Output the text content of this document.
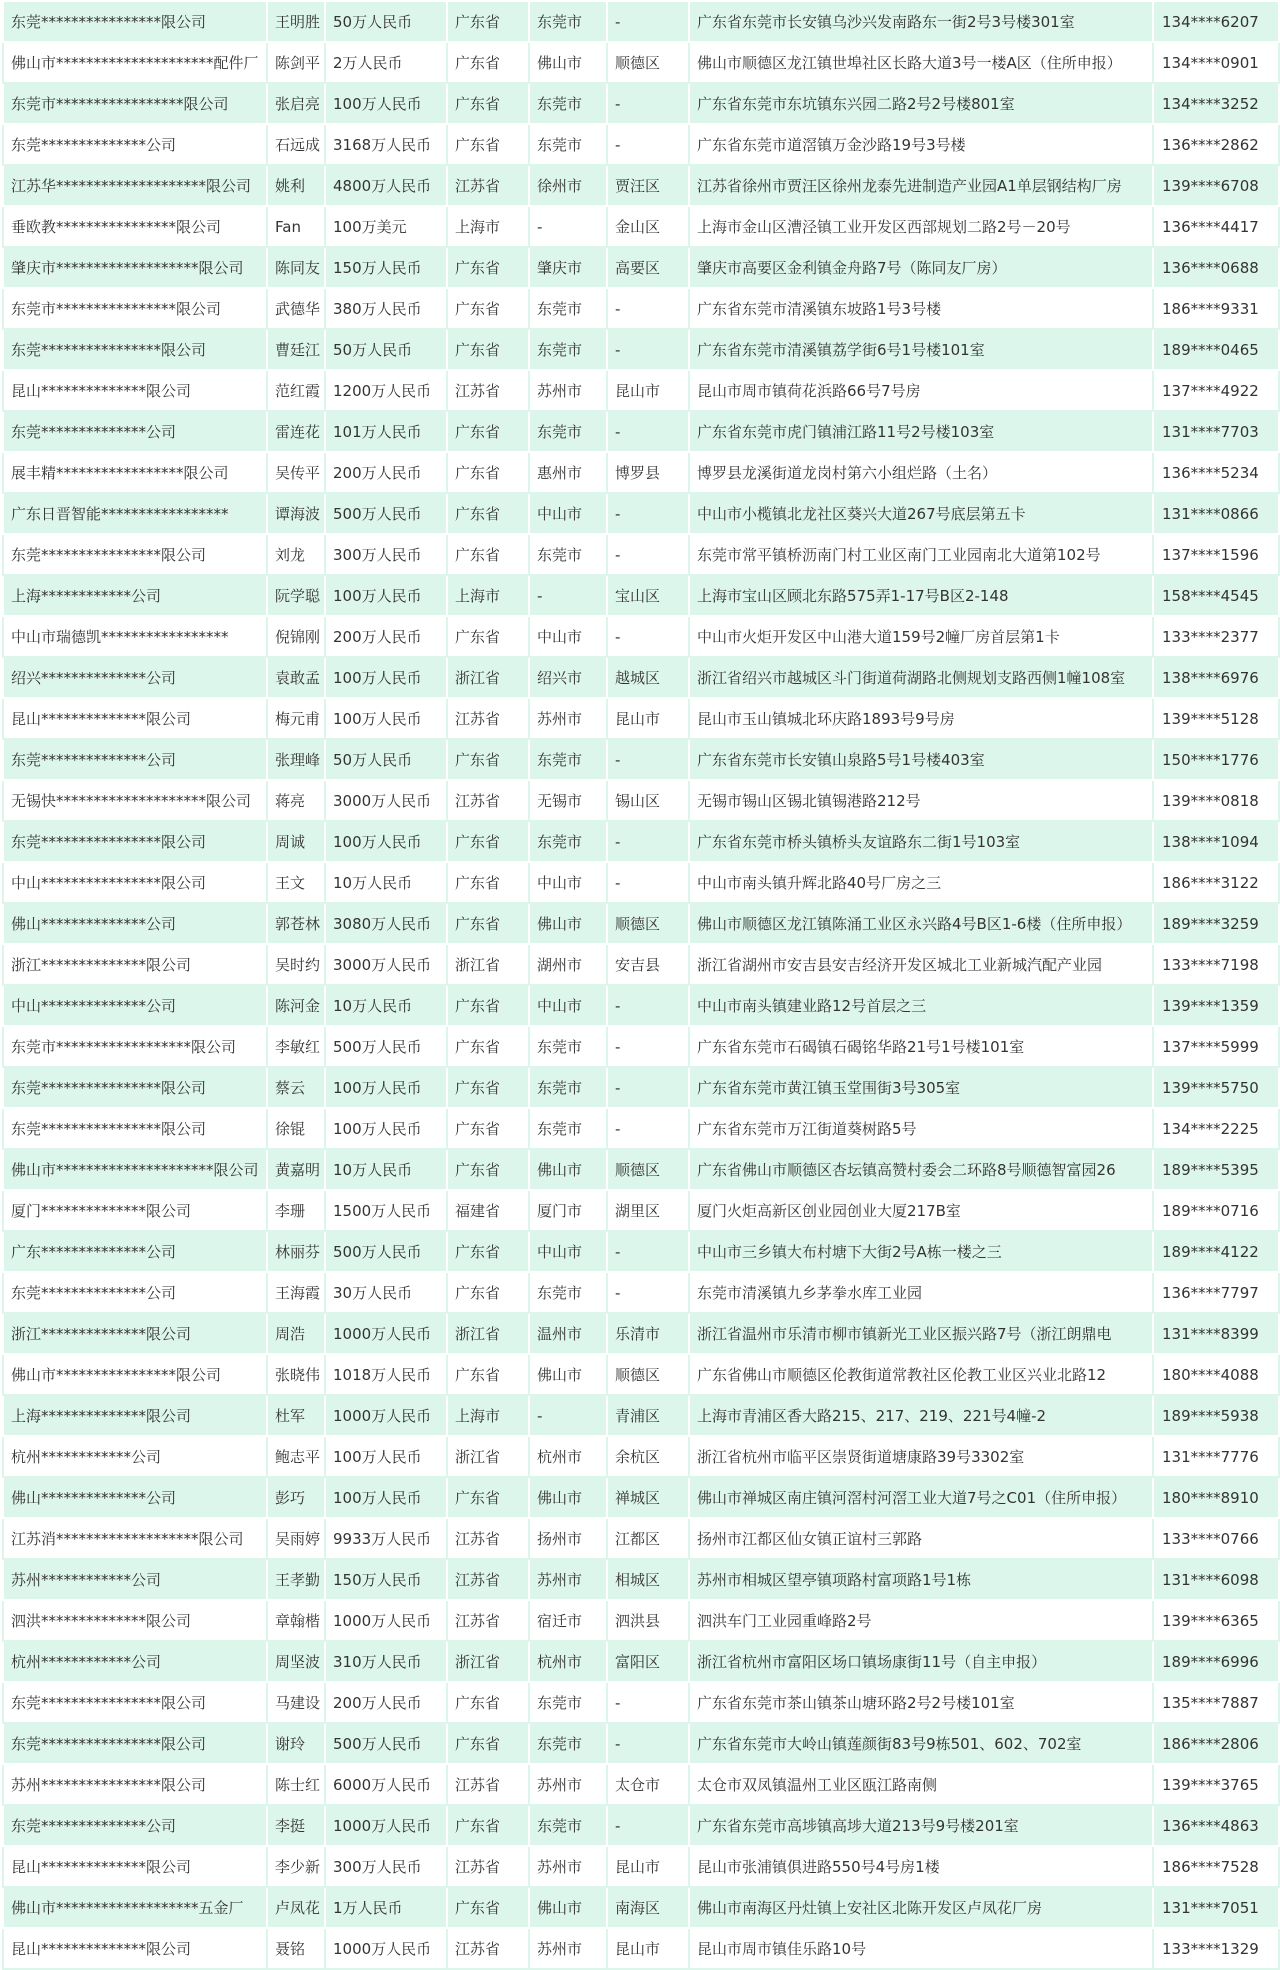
东莞****************限公司	王明胜	50万人民币	广东省	东莞市	-	广东省东莞市长安镇乌沙兴发南路东一街2号3号楼301室	134****6207
佛山市*********************配件厂	陈剑平	2万人民币	广东省	佛山市	顺德区	佛山市顺德区龙江镇世埠社区长路大道3号一楼A区（住所申报）	134****0901
东莞市*****************限公司	张启亮	100万人民币	广东省	东莞市	-	广东省东莞市东坑镇东兴园二路2号2号楼801室	134****3252
东莞**************公司	石远成	3168万人民币	广东省	东莞市	-	广东省东莞市道滘镇万金沙路19号3号楼	136****2862
江苏华********************限公司	姚利	4800万人民币	江苏省	徐州市	贾汪区	江苏省徐州市贾汪区徐州龙泰先进制造产业园A1单层钢结构厂房	139****6708
垂欧教****************限公司	Fan	100万美元	上海市	-	金山区	上海市金山区漕泾镇工业开发区西部规划二路2号－20号	136****4417
肇庆市*******************限公司	陈同友	150万人民币	广东省	肇庆市	高要区	肇庆市高要区金利镇金舟路7号（陈同友厂房）	136****0688
东莞市****************限公司	武德华	380万人民币	广东省	东莞市	-	广东省东莞市清溪镇东坡路1号3号楼	186****9331
东莞****************限公司	曹廷江	50万人民币	广东省	东莞市	-	广东省东莞市清溪镇荔学街6号1号楼101室	189****0465
昆山**************限公司	范红霞	1200万人民币	江苏省	苏州市	昆山市	昆山市周市镇荷花浜路66号7号房	137****4922
东莞**************公司	雷连花	101万人民币	广东省	东莞市	-	广东省东莞市虎门镇浦江路11号2号楼103室	131****7703
展丰精*****************限公司	吴传平	200万人民币	广东省	惠州市	博罗县	博罗县龙溪街道龙岗村第六小组烂路（土名）	136****5234
广东日晋智能*****************	谭海波	500万人民币	广东省	中山市	-	中山市小榄镇北龙社区葵兴大道267号底层第五卡	131****0866
东莞****************限公司	刘龙	300万人民币	广东省	东莞市	-	东莞市常平镇桥沥南门村工业区南门工业园南北大道第102号	137****1596
上海************公司	阮学聪	100万人民币	上海市	-	宝山区	上海市宝山区顾北东路575弄1-17号B区2-148	158****4545
中山市瑞德凯*****************	倪锦刚	200万人民币	广东省	中山市	-	中山市火炬开发区中山港大道159号2幢厂房首层第1卡	133****2377
绍兴**************公司	袁敢孟	100万人民币	浙江省	绍兴市	越城区	浙江省绍兴市越城区斗门街道荷湖路北侧规划支路西侧1幢108室	138****6976
昆山**************限公司	梅元甫	100万人民币	江苏省	苏州市	昆山市	昆山市玉山镇城北环庆路1893号9号房	139****5128
东莞**************公司	张理峰	50万人民币	广东省	东莞市	-	广东省东莞市长安镇山泉路5号1号楼403室	150****1776
无锡快********************限公司	蒋亮	3000万人民币	江苏省	无锡市	锡山区	无锡市锡山区锡北镇锡港路212号	139****0818
东莞****************限公司	周诚	100万人民币	广东省	东莞市	-	广东省东莞市桥头镇桥头友谊路东二街1号103室	138****1094
中山****************限公司	王文	10万人民币	广东省	中山市	-	中山市南头镇升辉北路40号厂房之三	186****3122
佛山**************公司	郭苍林	3080万人民币	广东省	佛山市	顺德区	佛山市顺德区龙江镇陈涌工业区永兴路4号B区1-6楼（住所申报）	189****3259
浙江**************限公司	吴时约	3000万人民币	浙江省	湖州市	安吉县	浙江省湖州市安吉县安吉经济开发区城北工业新城汽配产业园	133****7198
中山**************公司	陈河金	10万人民币	广东省	中山市	-	中山市南头镇建业路12号首层之三	139****1359
东莞市******************限公司	李敏红	500万人民币	广东省	东莞市	-	广东省东莞市石碣镇石碣铭华路21号1号楼101室	137****5999
东莞****************限公司	蔡云	100万人民币	广东省	东莞市	-	广东省东莞市黄江镇玉堂围街3号305室	139****5750
东莞****************限公司	徐锟	100万人民币	广东省	东莞市	-	广东省东莞市万江街道葵树路5号	134****2225
佛山市*********************限公司	黄嘉明	10万人民币	广东省	佛山市	顺德区	广东省佛山市顺德区杏坛镇高赞村委会二环路8号顺德智富园26	189****5395
厦门**************限公司	李珊	1500万人民币	福建省	厦门市	湖里区	厦门火炬高新区创业园创业大厦217B室	189****0716
广东**************公司	林丽芬	500万人民币	广东省	中山市	-	中山市三乡镇大布村塘下大街2号A栋一楼之三	189****4122
东莞**************公司	王海霞	30万人民币	广东省	东莞市	-	东莞市清溪镇九乡茅拳水库工业园	136****7797
浙江**************限公司	周浩	1000万人民币	浙江省	温州市	乐清市	浙江省温州市乐清市柳市镇新光工业区振兴路7号（浙江朗鼎电	131****8399
佛山市****************限公司	张晓伟	1018万人民币	广东省	佛山市	顺德区	广东省佛山市顺德区伦教街道常教社区伦教工业区兴业北路12	180****4088
上海**************限公司	杜军	1000万人民币	上海市	-	青浦区	上海市青浦区香大路215、217、219、221号4幢-2	189****5938
杭州************公司	鲍志平	100万人民币	浙江省	杭州市	余杭区	浙江省杭州市临平区崇贤街道塘康路39号3302室	131****7776
佛山**************公司	彭巧	100万人民币	广东省	佛山市	禅城区	佛山市禅城区南庄镇河滘村河滘工业大道7号之C01（住所申报）	180****8910
江苏消*******************限公司	吴雨婷	9933万人民币	江苏省	扬州市	江都区	扬州市江都区仙女镇正谊村三郭路	133****0766
苏州************公司	王孝勤	150万人民币	江苏省	苏州市	相城区	苏州市相城区望亭镇项路村富项路1号1栋	131****6098
泗洪**************限公司	章翰楷	1000万人民币	江苏省	宿迁市	泗洪县	泗洪车门工业园重峰路2号	139****6365
杭州************公司	周坚波	310万人民币	浙江省	杭州市	富阳区	浙江省杭州市富阳区场口镇场康街11号（自主申报）	189****6996
东莞****************限公司	马建设	200万人民币	广东省	东莞市	-	广东省东莞市茶山镇茶山塘环路2号2号楼101室	135****7887
东莞****************限公司	谢玲	500万人民币	广东省	东莞市	-	广东省东莞市大岭山镇莲颜街83号9栋501、602、702室	186****2806
苏州****************限公司	陈士红	6000万人民币	江苏省	苏州市	太仓市	太仓市双凤镇温州工业区瓯江路南侧	139****3765
东莞**************公司	李挺	1000万人民币	广东省	东莞市	-	广东省东莞市高埗镇高埗大道213号9号楼201室	136****4863
昆山**************限公司	李少新	300万人民币	江苏省	苏州市	昆山市	昆山市张浦镇俱进路550号4号房1楼	186****7528
佛山市*******************五金厂	卢凤花	1万人民币	广东省	佛山市	南海区	佛山市南海区丹灶镇上安社区北陈开发区卢凤花厂房	131****7051
昆山**************限公司	聂铭	1000万人民币	江苏省	苏州市	昆山市	昆山市周市镇佳乐路10号	133****1329
